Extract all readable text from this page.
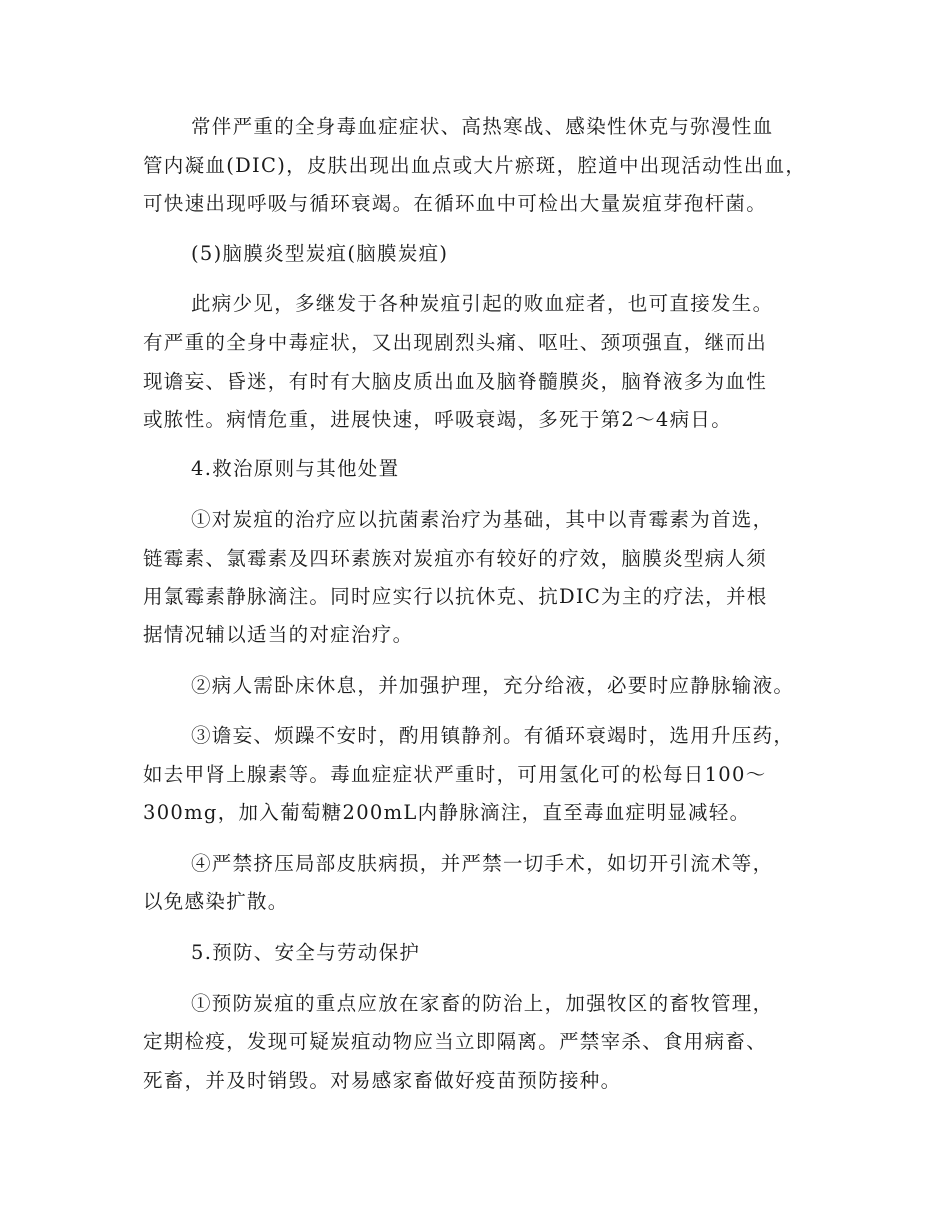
常伴严重的全身毒血症症状、高热寒战、感染性休克与弥漫性血
管内凝血(DIC)，皮肤出现出血点或大片瘀斑，腔道中出现活动性出血，
可快速出现呼吸与循环衰竭。在循环血中可检出大量炭疽芽孢杆菌。
(5)脑膜炎型炭疽(脑膜炭疽)
此病少见，多继发于各种炭疽引起的败血症者，也可直接发生。
有严重的全身中毒症状，又出现剧烈头痛、呕吐、颈项强直，继而出
现谵妄、昏迷，有时有大脑皮质出血及脑脊髓膜炎，脑脊液多为血性
或脓性。病情危重，进展快速，呼吸衰竭，多死于第2～4病日。
4.救治原则与其他处置
①对炭疽的治疗应以抗菌素治疗为基础，其中以青霉素为首选，
链霉素、氯霉素及四环素族对炭疽亦有较好的疗效，脑膜炎型病人须
用氯霉素静脉滴注。同时应实行以抗休克、抗DIC为主的疗法，并根
据情况辅以适当的对症治疗。
②病人需卧床休息，并加强护理，充分给液，必要时应静脉输液。
③谵妄、烦躁不安时，酌用镇静剂。有循环衰竭时，选用升压药，
如去甲肾上腺素等。毒血症症状严重时，可用氢化可的松每日100～
300mg，加入葡萄糖200mL内静脉滴注，直至毒血症明显减轻。
④严禁挤压局部皮肤病损，并严禁一切手术，如切开引流术等，
以免感染扩散。
5.预防、安全与劳动保护
①预防炭疽的重点应放在家畜的防治上，加强牧区的畜牧管理，
定期检疫，发现可疑炭疽动物应当立即隔离。严禁宰杀、食用病畜、
死畜，并及时销毁。对易感家畜做好疫苗预防接种。
